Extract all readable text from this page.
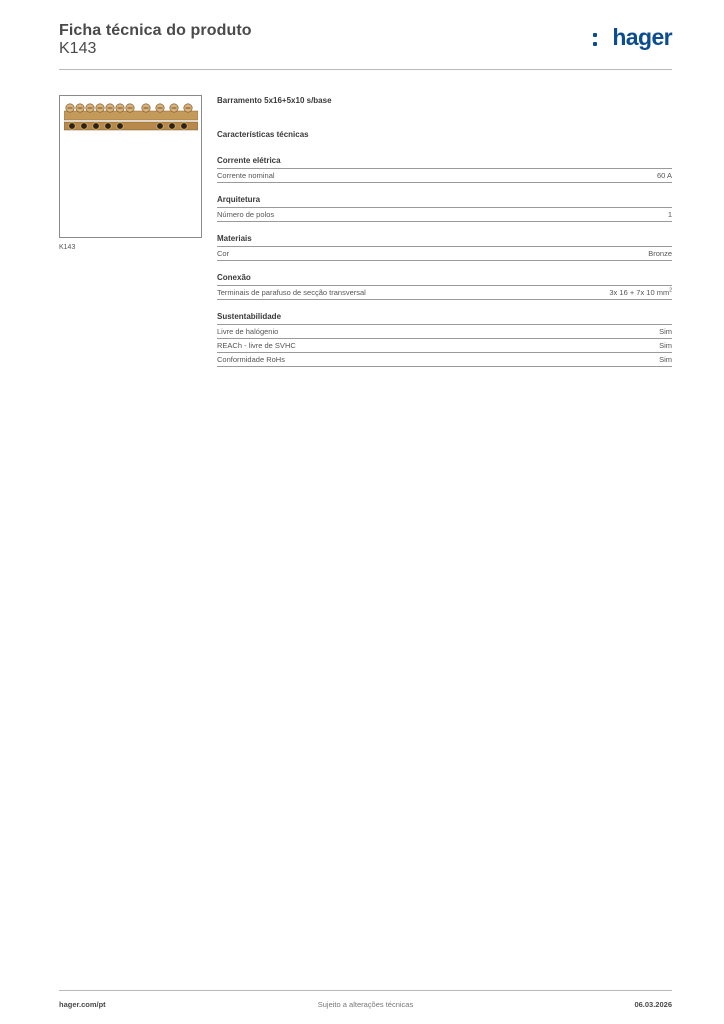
Ficha técnica do produto
K143	hager
K143
Barramento 5x16+5x10 s/base
Características técnicas
Corrente elétrica
Corrente nominal	60 A
Arquitetura
Número de polos	1
Materiais
Cor	Bronze
Conexão
Terminais de parafuso de secção transversal	3x 16 + 7x 10 $mm^2$
Sustentabilidade
Livre de halógenio	Sim
REACh - livre de SVHC	Sim
Conformidade RoHs	Sim
hager.com/pt	Sujeito a alterações técnicas	06.03.2026
